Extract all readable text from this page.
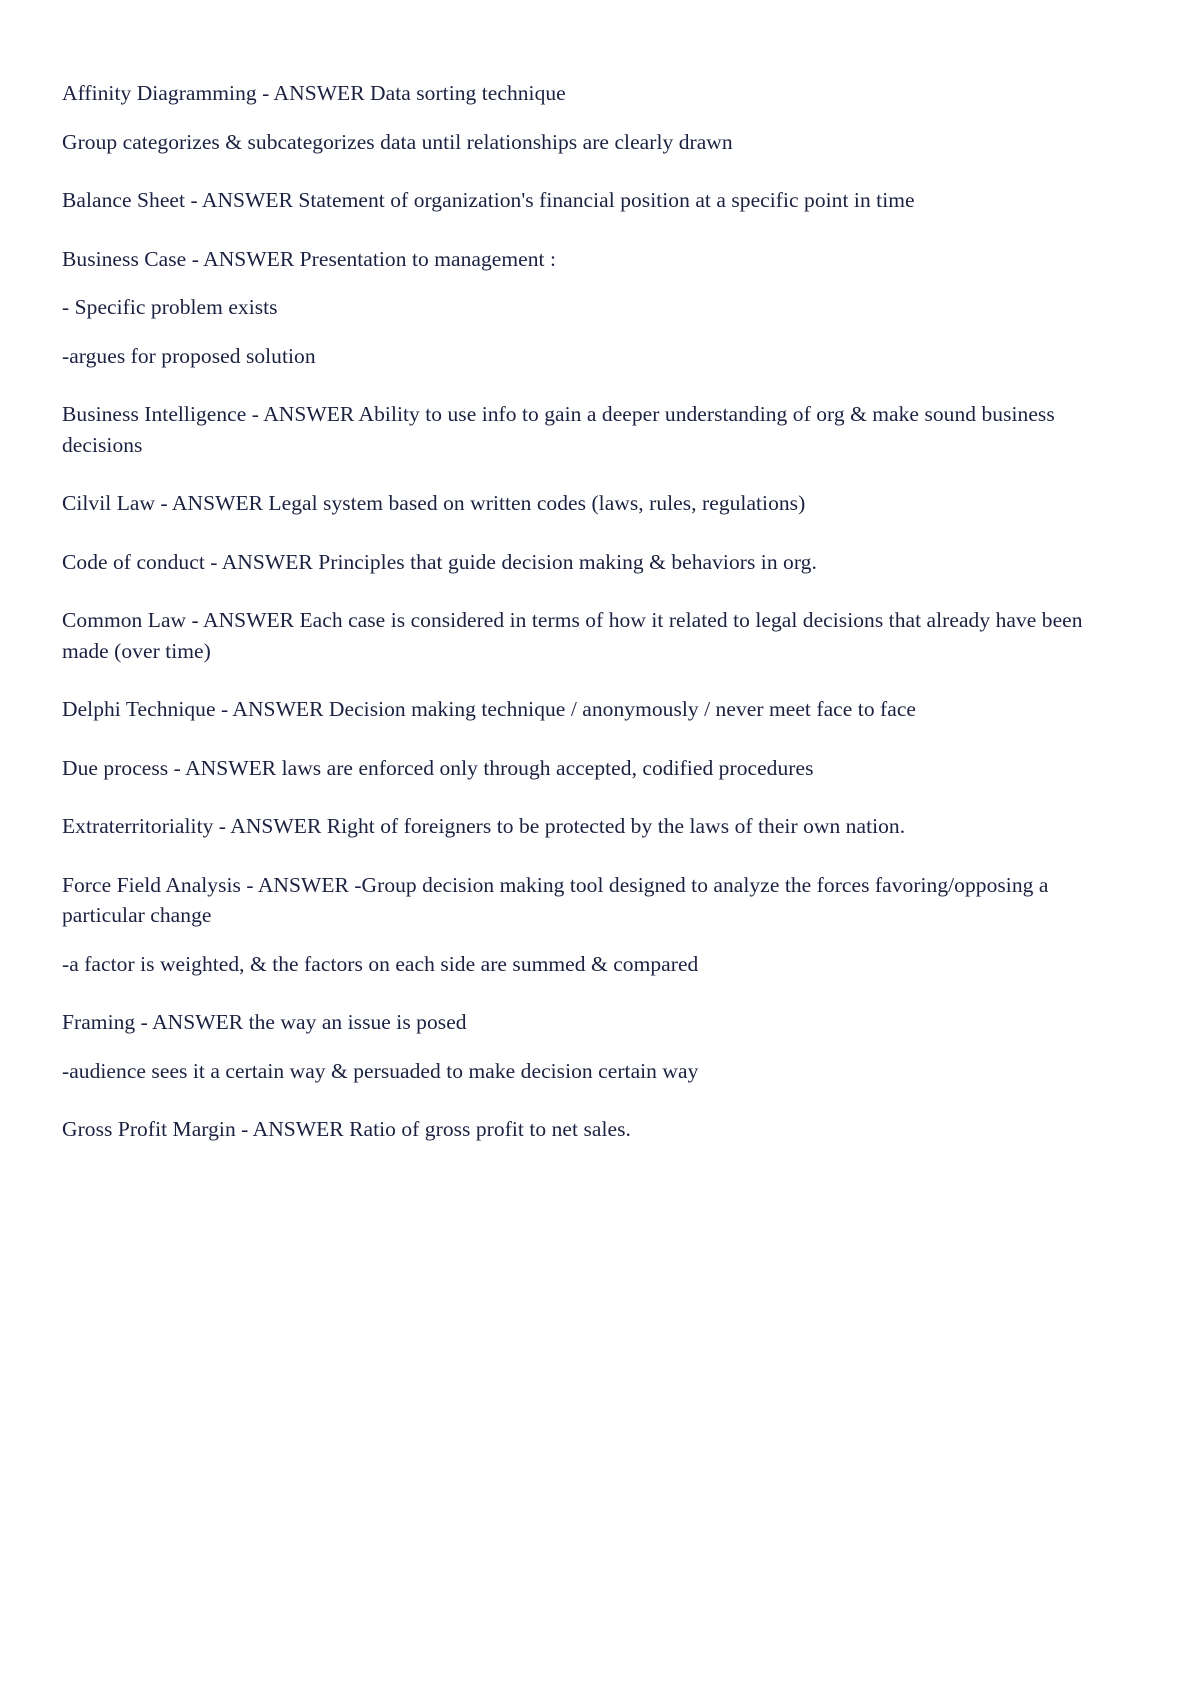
Affinity Diagramming - ANSWER Data sorting technique

Group categorizes & subcategorizes data until relationships are clearly drawn

Balance Sheet - ANSWER Statement of organization's financial position at a specific point in time

Business Case - ANSWER Presentation to management :

- Specific problem exists

-argues for proposed solution

Business Intelligence - ANSWER Ability to use info to gain a deeper understanding of org & make sound business decisions

Cilvil Law - ANSWER Legal system based on written codes (laws, rules, regulations)

Code of conduct - ANSWER Principles that guide decision making & behaviors in org.

Common Law - ANSWER Each case is considered in terms of how it related to legal decisions that already have been made (over time)

Delphi Technique - ANSWER Decision making technique / anonymously / never meet face to face

Due process - ANSWER laws are enforced only through accepted, codified procedures

Extraterritoriality - ANSWER Right of foreigners to be protected by the laws of their own nation.

Force Field Analysis - ANSWER -Group decision making tool designed to analyze the forces favoring/opposing a particular change

-a factor is weighted, & the factors on each side are summed & compared

Framing - ANSWER the way an issue is posed

-audience sees it a certain way & persuaded to make decision certain way

Gross Profit Margin - ANSWER Ratio of gross profit to net sales.
